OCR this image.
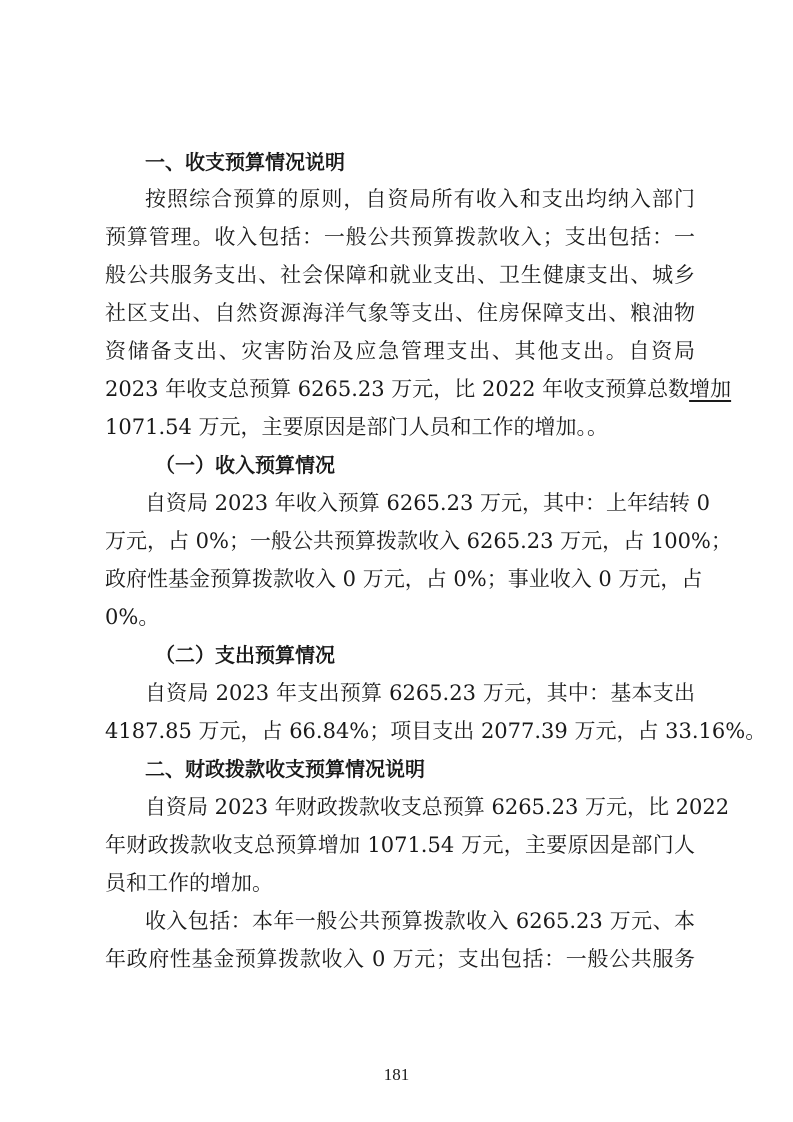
一、收支预算情况说明
按照综合预算的原则，自资局所有收入和支出均纳入部门
预算管理。收入包括：一般公共预算拨款收入；支出包括：一
般公共服务支出、社会保障和就业支出、卫生健康支出、城乡
社区支出、自然资源海洋气象等支出、住房保障支出、粮油物
资储备支出、灾害防治及应急管理支出、其他支出。自资局
2023 年收支总预算 6265.23 万元，比 2022 年收支预算总数增加
1071.54 万元，主要原因是部门人员和工作的增加。。
（一）收入预算情况
自资局 2023 年收入预算 6265.23 万元，其中：上年结转 0
万元，占 0%；一般公共预算拨款收入 6265.23 万元，占 100%；
政府性基金预算拨款收入 0 万元，占 0%；事业收入 0 万元，占
0%。
（二）支出预算情况
自资局 2023 年支出预算 6265.23 万元，其中：基本支出
4187.85 万元，占 66.84%；项目支出 2077.39 万元，占 33.16%。
二、财政拨款收支预算情况说明
自资局 2023 年财政拨款收支总预算 6265.23 万元，比 2022
年财政拨款收支总预算增加 1071.54 万元，主要原因是部门人
员和工作的增加。
收入包括：本年一般公共预算拨款收入 6265.23 万元、本
年政府性基金预算拨款收入 0 万元；支出包括：一般公共服务
181
